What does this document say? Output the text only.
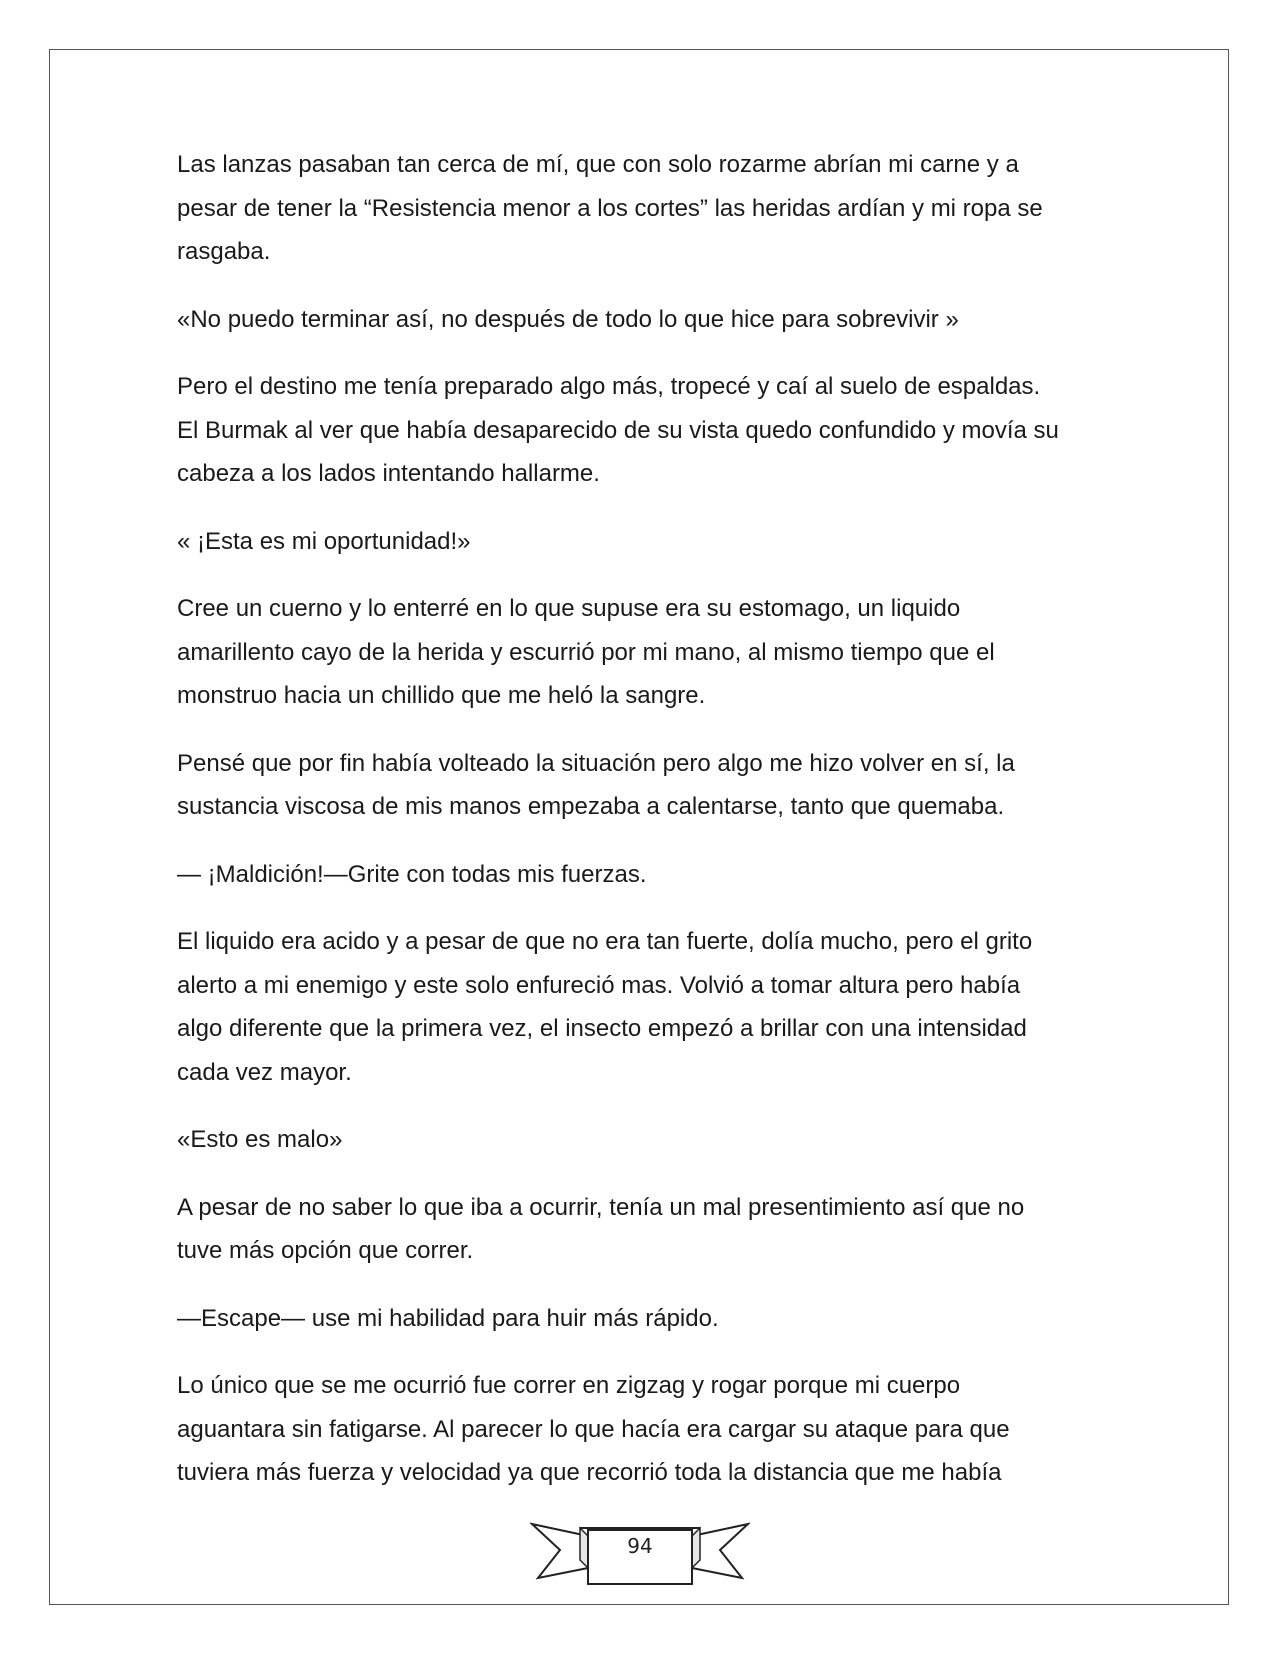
Las lanzas pasaban tan cerca de mí, que con solo rozarme abrían mi carne y a
pesar de tener la “Resistencia menor a los cortes” las heridas ardían y mi ropa se
rasgaba.

«No puedo terminar así, no después de todo lo que hice para sobrevivir »

Pero el destino me tenía preparado algo más, tropecé y caí al suelo de espaldas.
El Burmak al ver que había desaparecido de su vista quedo confundido y movía su
cabeza a los lados intentando hallarme.

« ¡Esta es mi oportunidad!»

Cree un cuerno y lo enterré en lo que supuse era su estomago, un liquido
amarillento cayo de la herida y escurrió por mi mano, al mismo tiempo que el
monstruo hacia un chillido que me heló la sangre.

Pensé que por fin había volteado la situación pero algo me hizo volver en sí, la
sustancia viscosa de mis manos empezaba a calentarse, tanto que quemaba.

— ¡Maldición!—Grite con todas mis fuerzas.

El liquido era acido y a pesar de que no era tan fuerte, dolía mucho, pero el grito
alerto a mi enemigo y este solo enfureció mas. Volvió a tomar altura pero había
algo diferente que la primera vez, el insecto empezó a brillar con una intensidad
cada vez mayor.

«Esto es malo»

A pesar de no saber lo que iba a ocurrir, tenía un mal presentimiento así que no
tuve más opción que correr.

—Escape— use mi habilidad para huir más rápido.

Lo único que se me ocurrió fue correr en zigzag y rogar porque mi cuerpo
aguantara sin fatigarse. Al parecer lo que hacía era cargar su ataque para que
tuviera más fuerza y velocidad ya que recorrió toda la distancia que me había

94
